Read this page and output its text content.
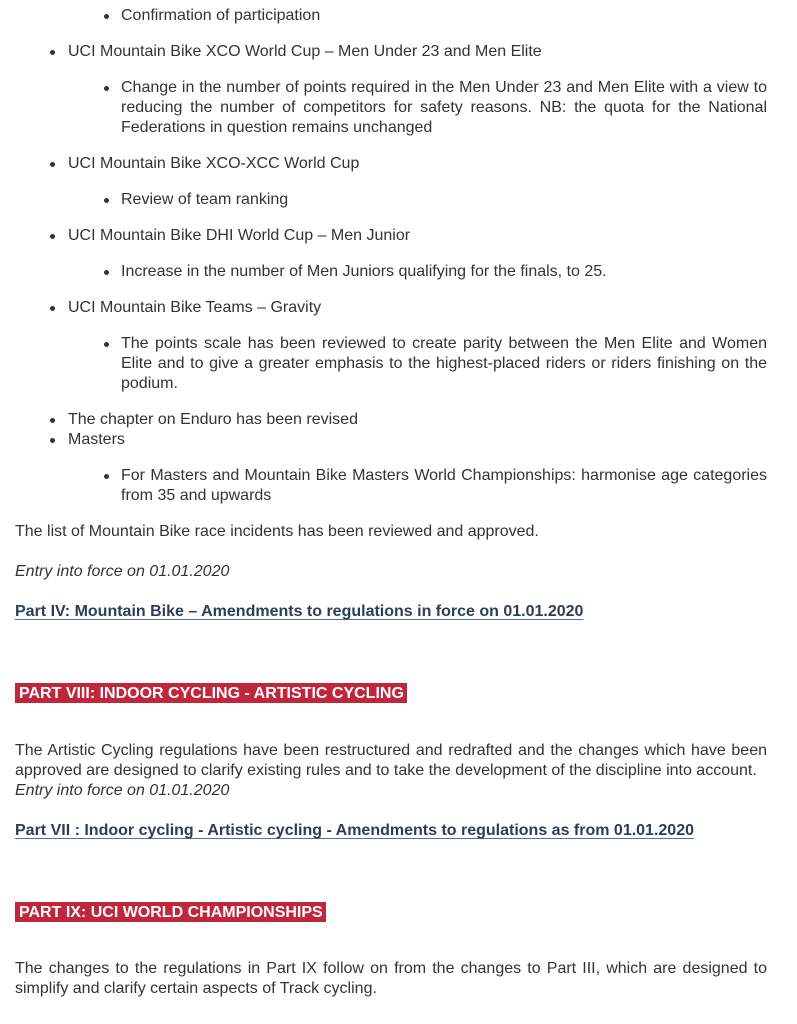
Confirmation of participation
UCI Mountain Bike XCO World Cup – Men Under 23 and Men Elite
Change in the number of points required in the Men Under 23 and Men Elite with a view to reducing the number of competitors for safety reasons. NB: the quota for the National Federations in question remains unchanged
UCI Mountain Bike XCO-XCC World Cup
Review of team ranking
UCI Mountain Bike DHI World Cup – Men Junior
Increase in the number of Men Juniors qualifying for the finals, to 25.
UCI Mountain Bike Teams – Gravity
The points scale has been reviewed to create parity between the Men Elite and Women Elite and to give a greater emphasis to the highest-placed riders or riders finishing on the podium.
The chapter on Enduro has been revised
Masters
For Masters and Mountain Bike Masters World Championships: harmonise age categories from 35 and upwards

The list of Mountain Bike race incidents has been reviewed and approved.

Entry into force on 01.01.2020

Part IV: Mountain Bike – Amendments to regulations in force on 01.01.2020

PART VIII: INDOOR CYCLING - ARTISTIC CYCLING

The Artistic Cycling regulations have been restructured and redrafted and the changes which have been approved are designed to clarify existing rules and to take the development of the discipline into account.

Entry into force on 01.01.2020

Part VII : Indoor cycling - Artistic cycling - Amendments to regulations as from 01.01.2020

PART IX: UCI WORLD CHAMPIONSHIPS

The changes to the regulations in Part IX follow on from the changes to Part III, which are designed to simplify and clarify certain aspects of Track cycling.
